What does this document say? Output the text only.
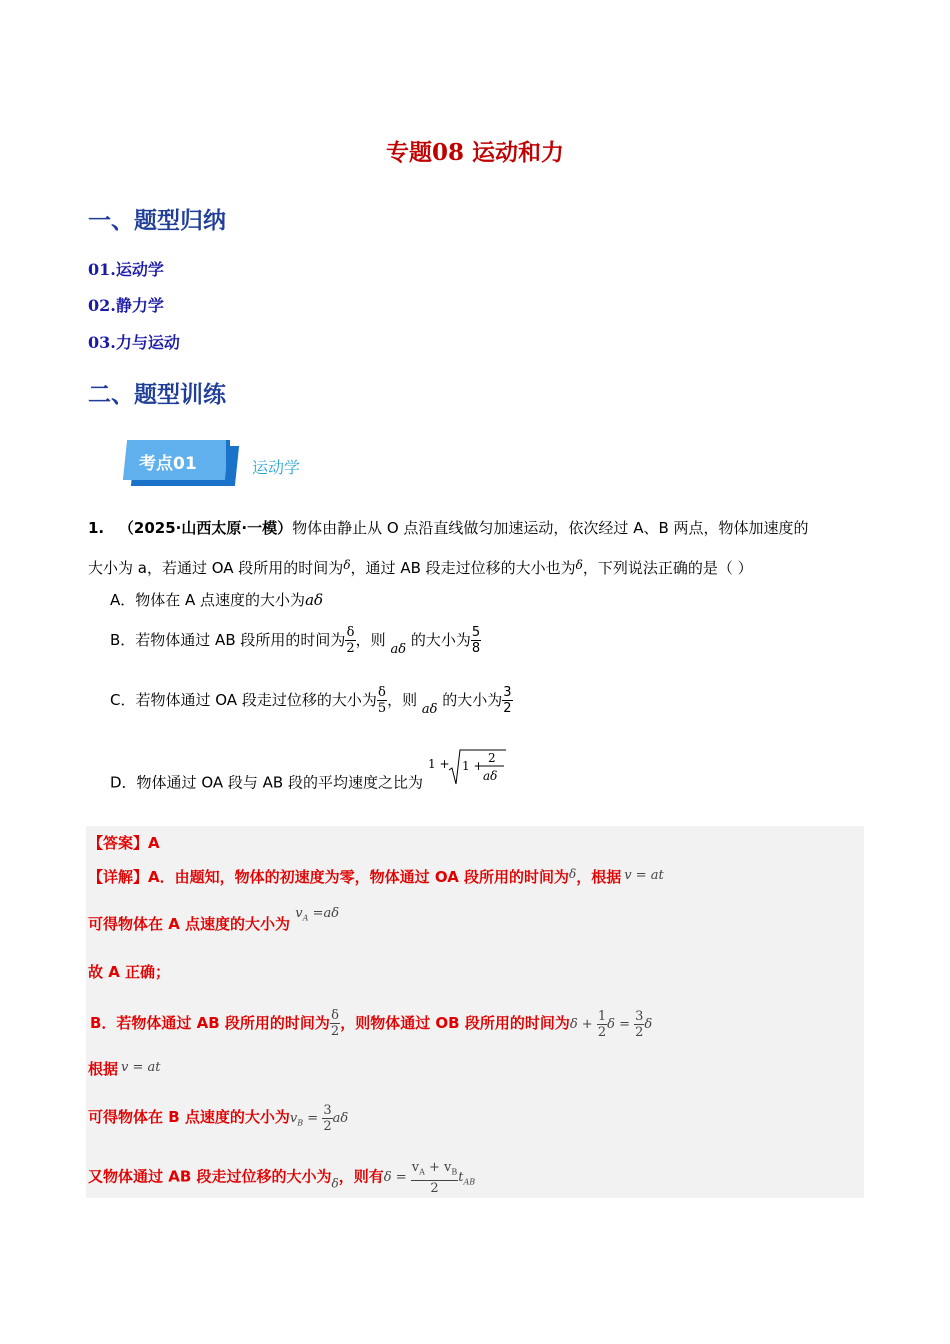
专题08 运动和力
一、题型归纳
01.运动学
02.静力学
03.力与运动
二、题型训练
考点01	运动学
1. （2025·山西太原·一模）物体由静止从 O 点沿直线做匀加速运动，依次经过 A、B 两点，物体加速度的
大小为 a，若通过 OA 段所用的时间为$^\delta$，通过 AB 段走过位移的大小也为$^\delta$，下列说法正确的是（ ）
A．物体在 A 点速度的大小为aδ
B．若物体通过 AB 段所用的时间为 $\frac{\delta}{2}$ ，则 aδ 的大小为 $\frac{5}{8}$
C．若物体通过 OA 段走过位移的大小为 $\frac{\delta}{5}$ ，则 aδ 的大小为 $\frac{3}{2}$
D．物体通过 OA 段与 AB 段的平均速度之比为
1 + 1 +
2
aδ
【答案】A
【详解】A．由题知，物体的初速度为零，物体通过 OA 段所用的时间为$^\delta$，根据 v = at
可得物体在 A 点速度的大小为 $v_A =a\delta$
故 A 正确；
B．若物体通过 AB 段所用的时间为 $\frac{\delta}{2}$ ，则物体通过 OB 段所用的时间为$\delta + \frac{1}{2}$ $\delta = \frac{3}{2}$ δ
根据 v = at
可得物体在 B 点速度的大小为$v_B = \frac{3}{2}$ aδ
又物体通过 AB 段走过位移的大小为$_\delta$，则有$\delta = \frac{v_A + v_B}{2} t_{AB}$
